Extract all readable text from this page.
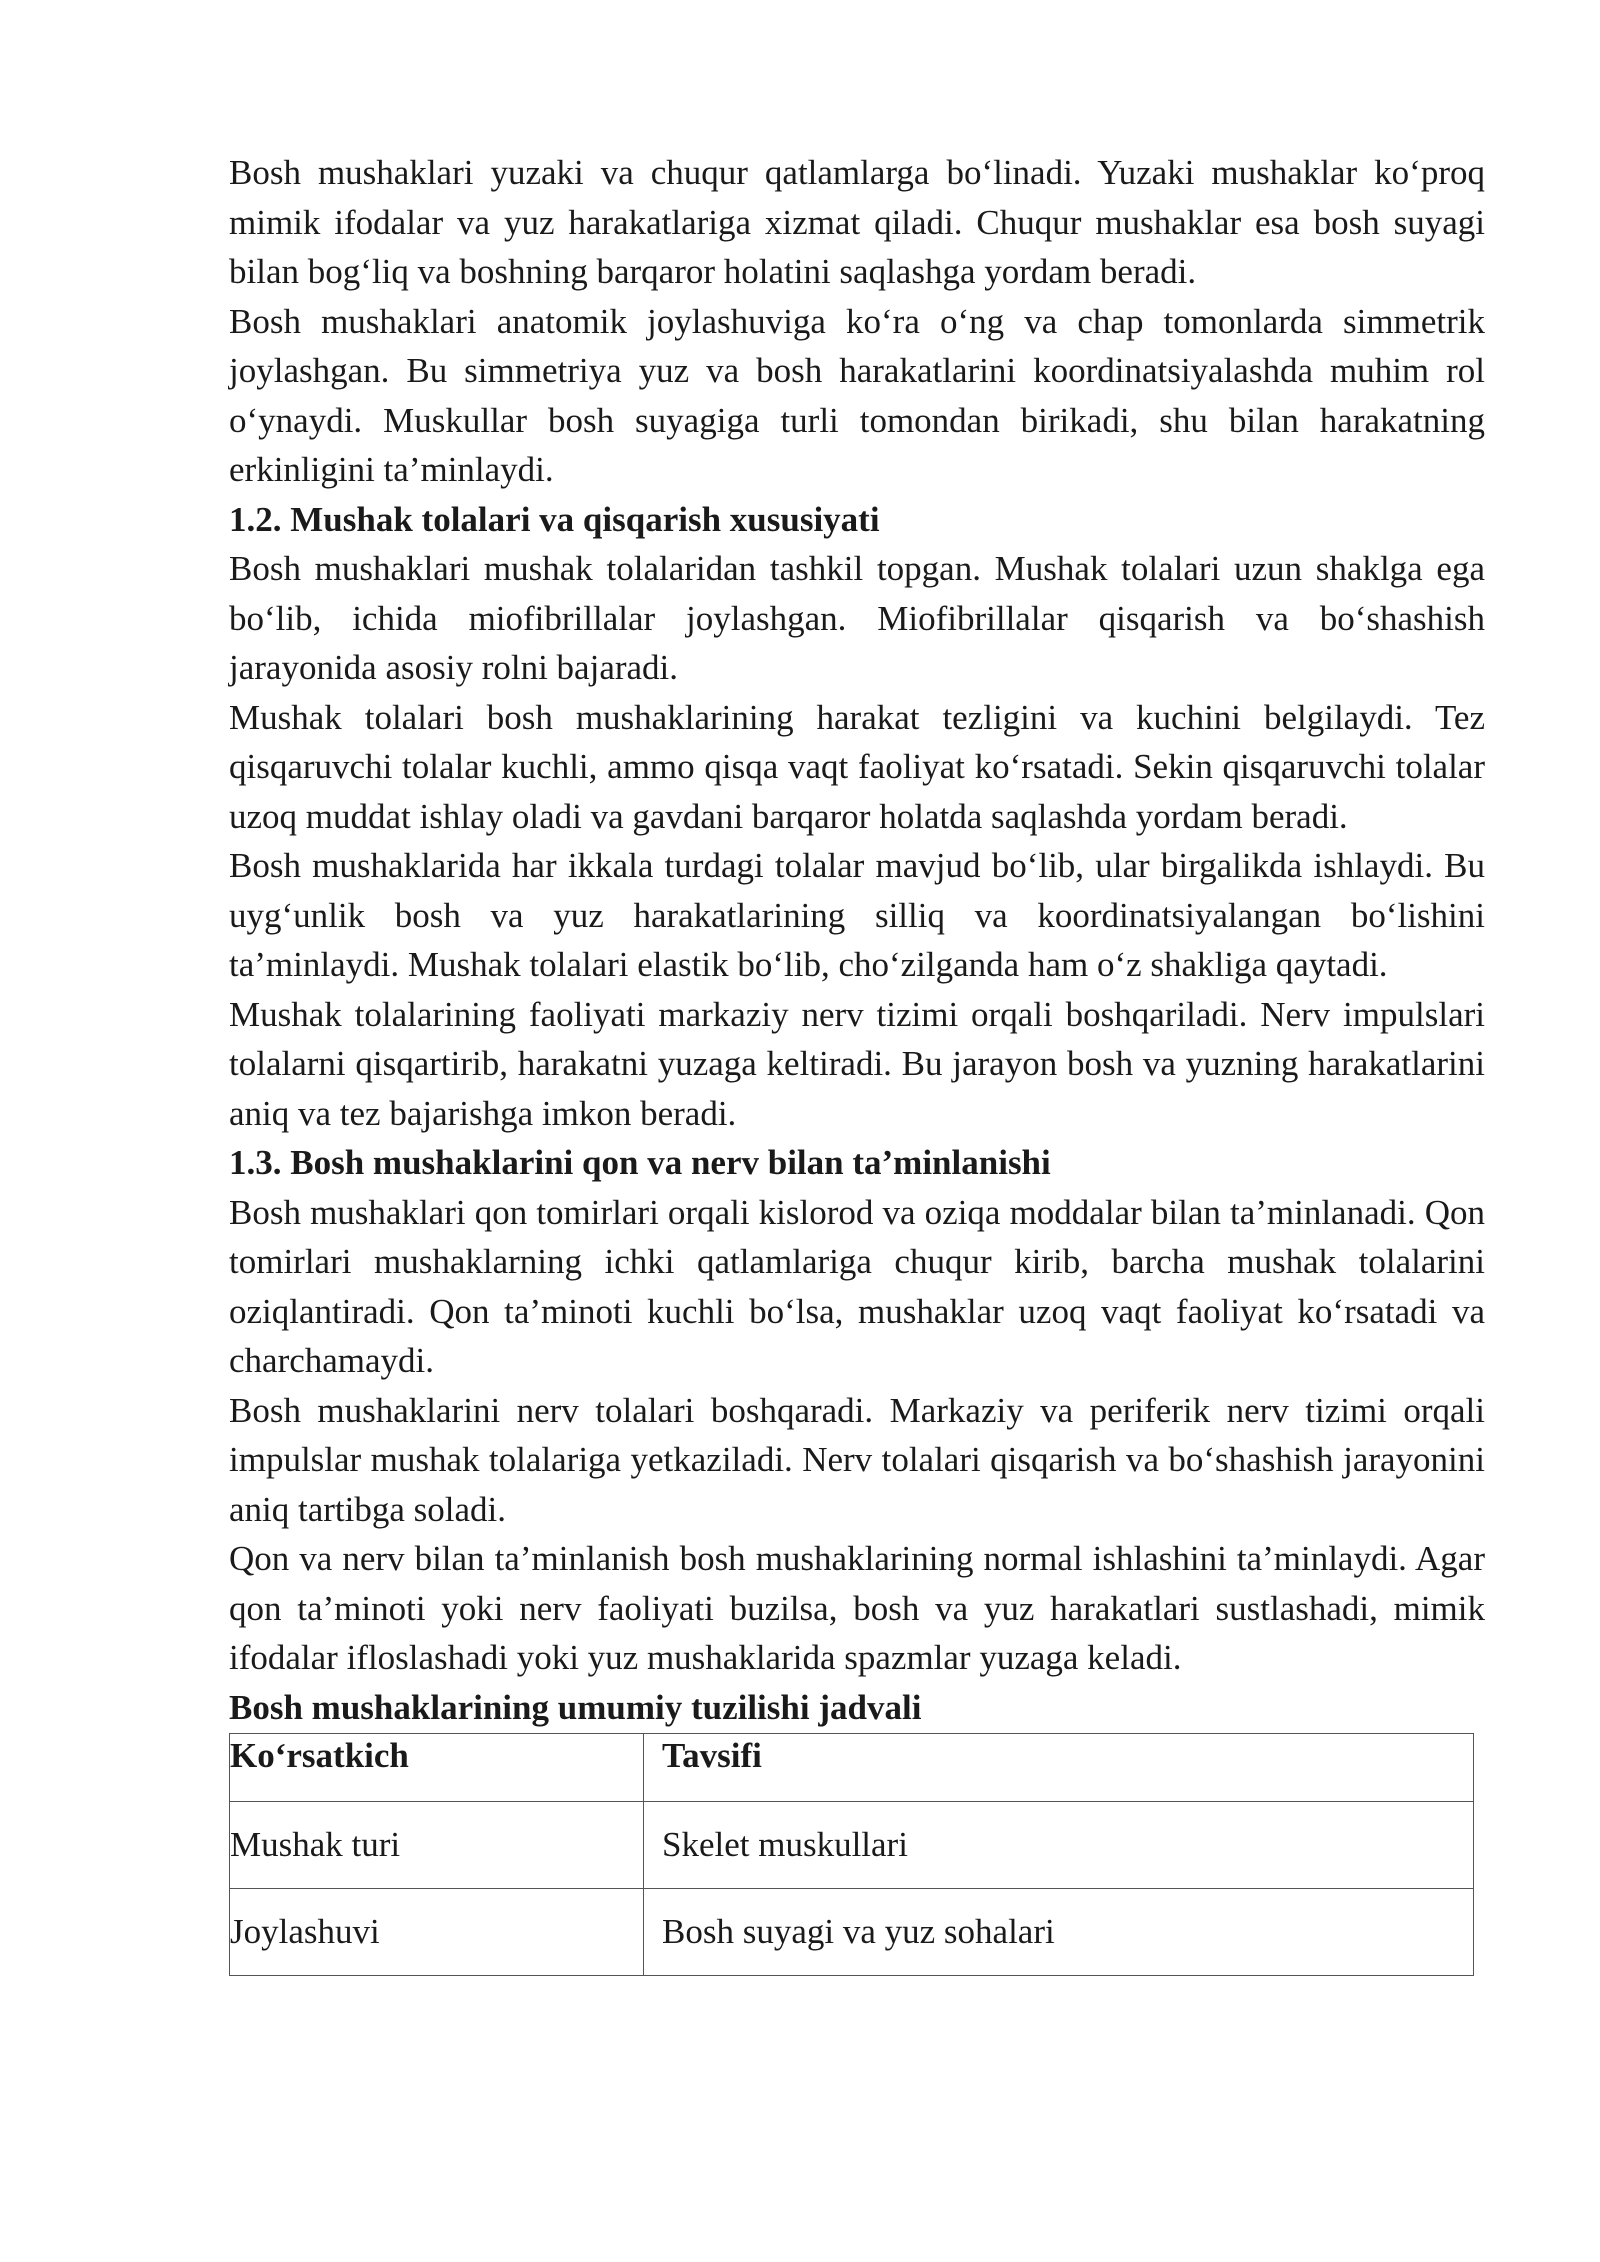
Bosh mushaklari yuzaki va chuqur qatlamlarga bo‘linadi. Yuzaki mushaklar ko‘proq mimik ifodalar va yuz harakatlariga xizmat qiladi. Chuqur mushaklar esa bosh suyagi bilan bog‘liq va boshning barqaror holatini saqlashga yordam beradi.

Bosh mushaklari anatomik joylashuviga ko‘ra o‘ng va chap tomonlarda simmetrik joylashgan. Bu simmetriya yuz va bosh harakatlarini koordinatsiyalashda muhim rol o‘ynaydi. Muskullar bosh suyagiga turli tomondan birikadi, shu bilan harakatning erkinligini ta’minlaydi.

1.2. Mushak tolalari va qisqarish xususiyati

Bosh mushaklari mushak tolalaridan tashkil topgan. Mushak tolalari uzun shaklga ega bo‘lib, ichida miofibrillalar joylashgan. Miofibrillalar qisqarish va bo‘shashish jarayonida asosiy rolni bajaradi.

Mushak tolalari bosh mushaklarining harakat tezligini va kuchini belgilaydi. Tez qisqaruvchi tolalar kuchli, ammo qisqa vaqt faoliyat ko‘rsatadi. Sekin qisqaruvchi tolalar uzoq muddat ishlay oladi va gavdani barqaror holatda saqlashda yordam beradi.

Bosh mushaklarida har ikkala turdagi tolalar mavjud bo‘lib, ular birgalikda ishlaydi. Bu uyg‘unlik bosh va yuz harakatlarining silliq va koordinatsiyalangan bo‘lishini ta’minlaydi. Mushak tolalari elastik bo‘lib, cho‘zilganda ham o‘z shakliga qaytadi.

Mushak tolalarining faoliyati markaziy nerv tizimi orqali boshqariladi. Nerv impulslari tolalarni qisqartirib, harakatni yuzaga keltiradi. Bu jarayon bosh va yuzning harakatlarini aniq va tez bajarishga imkon beradi.

1.3. Bosh mushaklarini qon va nerv bilan ta’minlanishi

Bosh mushaklari qon tomirlari orqali kislorod va oziqa moddalar bilan ta’minlanadi. Qon tomirlari mushaklarning ichki qatlamlariga chuqur kirib, barcha mushak tolalarini oziqlantiradi. Qon ta’minoti kuchli bo‘lsa, mushaklar uzoq vaqt faoliyat ko‘rsatadi va charchamaydi.

Bosh mushaklarini nerv tolalari boshqaradi. Markaziy va periferik nerv tizimi orqali impulslar mushak tolalariga yetkaziladi. Nerv tolalari qisqarish va bo‘shashish jarayonini aniq tartibga soladi.

Qon va nerv bilan ta’minlanish bosh mushaklarining normal ishlashini ta’minlaydi. Agar qon ta’minoti yoki nerv faoliyati buzilsa, bosh va yuz harakatlari sustlashadi, mimik ifodalar ifloslashadi yoki yuz mushaklarida spazmlar yuzaga keladi.

Bosh mushaklarining umumiy tuzilishi jadvali

Ko‘rsatkich	Tavsifi
Mushak turi	Skelet muskullari
Joylashuvi	Bosh suyagi va yuz sohalari
